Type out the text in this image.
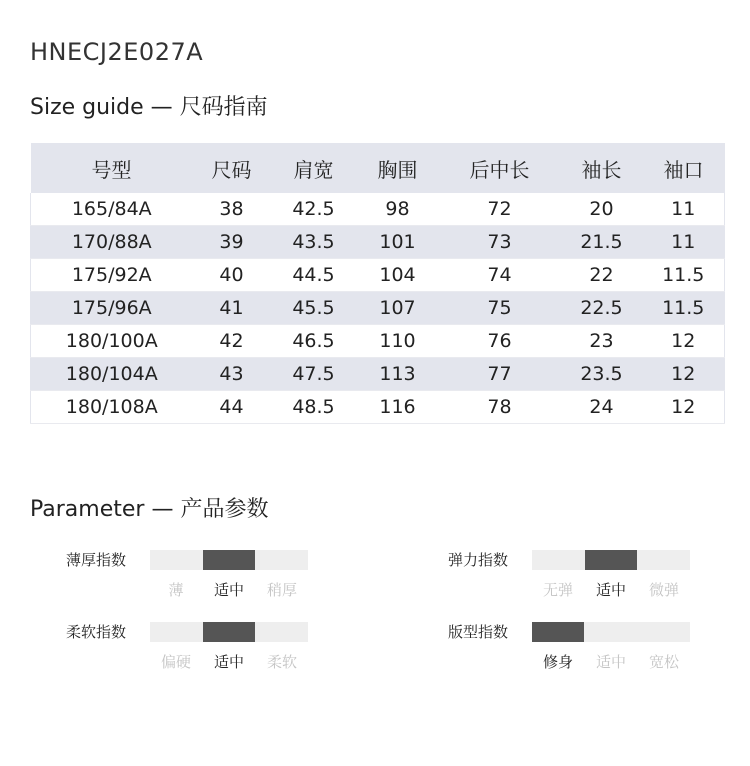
HNECJ2E027A
Size guide — 尺码指南
号型	尺码	肩宽	胸围	后中长	袖长	袖口
165/84A	38	42.5	98	72	20	11
170/88A	39	43.5	101	73	21.5	11
175/92A	40	44.5	104	74	22	11.5
175/96A	41	45.5	107	75	22.5	11.5
180/100A	42	46.5	110	76	23	12
180/104A	43	47.5	113	77	23.5	12
180/108A	44	48.5	116	78	24	12
Parameter — 产品参数
薄厚指数
薄	适中	稍厚
弹力指数
无弹	适中	微弹
柔软指数
偏硬	适中	柔软
版型指数
修身	适中	宽松
